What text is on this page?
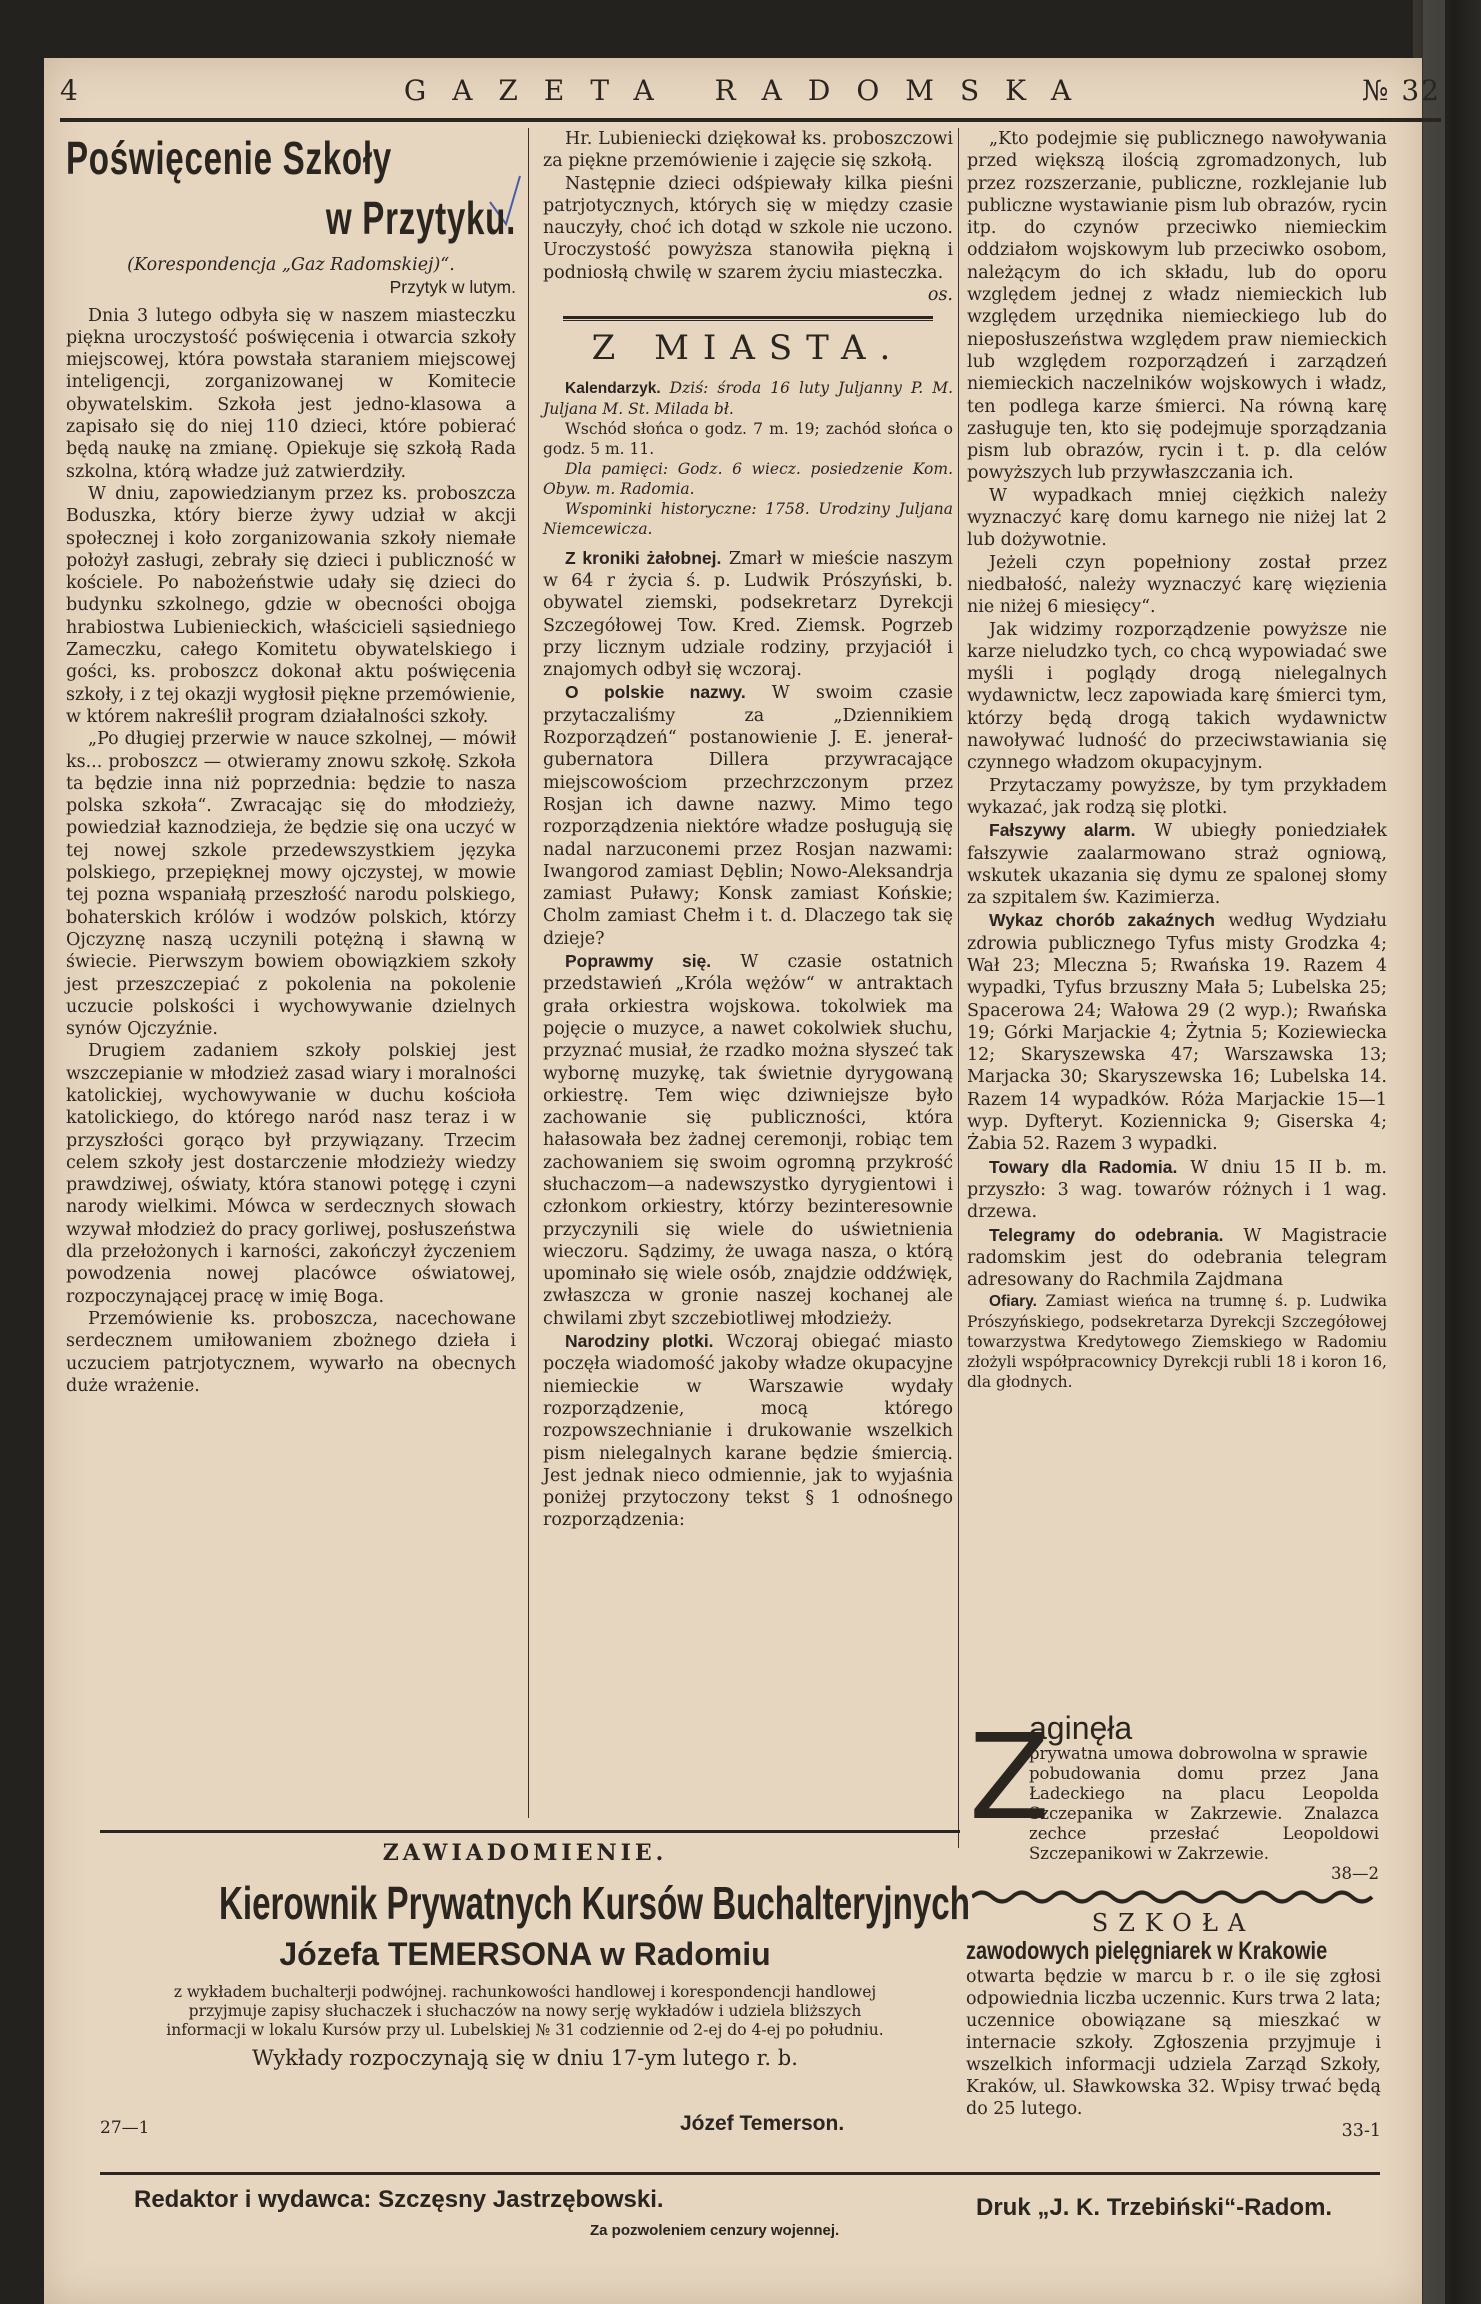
4	GAZETA RADOMSKA	№ 32
Poświęcenie Szkoły
w Przytyku.
(Korespondencja „Gaz Radomskiej)“.
Przytyk w lutym.

Dnia 3 lutego odbyła się w naszem miasteczku piękna uroczystość poświęcenia i otwarcia szkoły miejscowej, która powstała staraniem miejscowej inteligencji, zorganizowanej w Komitecie obywatelskim. Szkoła jest jedno-klasowa a zapisało się do niej 110 dzieci, które pobierać będą naukę na zmianę. Opiekuje się szkołą Rada szkolna, którą władze już zatwierdziły.

W dniu, zapowiedzianym przez ks. proboszcza Boduszka, który bierze żywy udział w akcji społecznej i koło zorganizowania szkoły niemałe położył zasługi, zebrały się dzieci i publiczność w kościele. Po nabożeństwie udały się dzieci do budynku szkolnego, gdzie w obecności obojga hrabiostwa Lubienieckich, właścicieli sąsiedniego Zameczku, całego Komitetu obywatelskiego i gości, ks. proboszcz dokonał aktu poświęcenia szkoły, i z tej okazji wygłosił piękne przemówienie, w którem nakreślił program działalności szkoły.

„Po długiej przerwie w nauce szkolnej, — mówił ks... proboszcz — otwieramy znowu szkołę. Szkoła ta będzie inna niż poprzednia: będzie to nasza polska szkoła“. Zwracając się do młodzieży, powiedział kaznodzieja, że będzie się ona uczyć w tej nowej szkole przedewszystkiem języka polskiego, przepięknej mowy ojczystej, w mowie tej pozna wspaniałą przeszłość narodu polskiego, bohaterskich królów i wodzów polskich, którzy Ojczyznę naszą uczynili potężną i sławną w świecie. Pierwszym bowiem obowiązkiem szkoły jest przeszczepiać z pokolenia na pokolenie uczucie polskości i wychowywanie dzielnych synów Ojczyźnie.

Drugiem zadaniem szkoły polskiej jest wszczepianie w młodzież zasad wiary i moralności katolickiej, wychowywanie w duchu kościoła katolickiego, do którego naród nasz teraz i w przyszłości gorąco był przywiązany. Trzecim celem szkoły jest dostarczenie młodzieży wiedzy prawdziwej, oświaty, która stanowi potęgę i czyni narody wielkimi. Mówca w serdecznych słowach wzywał młodzież do pracy gorliwej, posłuszeństwa dla przełożonych i karności, zakończył życzeniem powodzenia nowej placówce oświatowej, rozpoczynającej pracę w imię Boga.

Przemówienie ks. proboszcza, nacechowane serdecznem umiłowaniem zbożnego dzieła i uczuciem patrjotycznem, wywarło na obecnych duże wrażenie.

Hr. Lubieniecki dziękował ks. proboszczowi za piękne przemówienie i zajęcie się szkołą.

Następnie dzieci odśpiewały kilka pieśni patrjotycznych, których się w między czasie nauczyły, choć ich dotąd w szkole nie uczono. Uroczystość powyższa stanowiła piękną i podniosłą chwilę w szarem życiu miasteczka.

os.
Z MIASTA.

Kalendarzyk. Dziś: środa 16 luty Juljanny P. M. Juljana M. St. Milada bł.

Wschód słońca o godz. 7 m. 19; zachód słońca o godz. 5 m. 11.

Dla pamięci: Godz. 6 wiecz. posiedzenie Kom. Obyw. m. Radomia.

Wspominki historyczne: 1758. Urodziny Juljana Niemcewicza.

Z kroniki żałobnej. Zmarł w mieście naszym w 64 r życia ś. p. Ludwik Prószyński, b. obywatel ziemski, podsekretarz Dyrekcji Szczegółowej Tow. Kred. Ziemsk. Pogrzeb przy licznym udziale rodziny, przyjaciół i znajomych odbył się wczoraj.

O polskie nazwy. W swoim czasie przytaczaliśmy za „Dziennikiem Rozporządzeń“ postanowienie J. E. jenerał-gubernatora Dillera przywracające miejscowościom przechrzczonym przez Rosjan ich dawne nazwy. Mimo tego rozporządzenia niektóre władze posługują się nadal narzuconemi przez Rosjan nazwami: Iwangorod zamiast Dęblin; Nowo-Aleksandrja zamiast Puławy; Konsk zamiast Końskie; Cholm zamiast Chełm i t. d. Dlaczego tak się dzieje?

Poprawmy się. W czasie ostatnich przedstawień „Króla wężów“ w antraktach grała orkiestra wojskowa. tokolwiek ma pojęcie o muzyce, a nawet cokolwiek słuchu, przyznać musiał, że rzadko można słyszeć tak wybornę muzykę, tak świetnie dyrygowaną orkiestrę. Tem więc dziwniejsze było zachowanie się publiczności, która hałasowała bez żadnej ceremonji, robiąc tem zachowaniem się swoim ogromną przykrość słuchaczom—a nadewszystko dyrygientowi i członkom orkiestry, którzy bezinteresownie przyczynili się wiele do uświetnienia wieczoru. Sądzimy, że uwaga nasza, o którą upominało się wiele osób, znajdzie oddźwięk, zwłaszcza w gronie naszej kochanej ale chwilami zbyt szczebiotliwej młodzieży.

Narodziny plotki. Wczoraj obiegać miasto poczęła wiadomość jakoby władze okupacyjne niemieckie w Warszawie wydały rozporządzenie, mocą którego rozpowszechnianie i drukowanie wszelkich pism nielegalnych karane będzie śmiercią. Jest jednak nieco odmiennie, jak to wyjaśnia poniżej przytoczony tekst § 1 odnośnego rozporządzenia:

„Kto podejmie się publicznego nawoływania przed większą ilością zgromadzonych, lub przez rozszerzanie, publiczne, rozklejanie lub publiczne wystawianie pism lub obrazów, rycin itp. do czynów przeciwko niemieckim oddziałom wojskowym lub przeciwko osobom, należącym do ich składu, lub do oporu względem jednej z władz niemieckich lub względem urzędnika niemieckiego lub do nieposłuszeństwa względem praw niemieckich lub względem rozporządzeń i zarządzeń niemieckich naczelników wojskowych i władz, ten podlega karze śmierci. Na równą karę zasługuje ten, kto się podejmuje sporządzania pism lub obrazów, rycin i t. p. dla celów powyższych lub przywłaszczania ich.

W wypadkach mniej ciężkich należy wyznaczyć karę domu karnego nie niżej lat 2 lub dożywotnie.

Jeżeli czyn popełniony został przez niedbałość, należy wyznaczyć karę więzienia nie niżej 6 miesięcy“.

Jak widzimy rozporządzenie powyższe nie karze nieludzko tych, co chcą wypowiadać swe myśli i poglądy drogą nielegalnych wydawnictw, lecz zapowiada karę śmierci tym, którzy będą drogą takich wydawnictw nawoływać ludność do przeciwstawiania się czynnego władzom okupacyjnym.

Przytaczamy powyższe, by tym przykładem wykazać, jak rodzą się plotki.

Fałszywy alarm. W ubiegły poniedziałek fałszywie zaalarmowano straż ogniową, wskutek ukazania się dymu ze spalonej słomy za szpitalem św. Kazimierza.

Wykaz chorób zakaźnych według Wydziału zdrowia publicznego Tyfus misty Grodzka 4; Wał 23; Mleczna 5; Rwańska 19. Razem 4 wypadki, Tyfus brzuszny Mała 5; Lubelska 25; Spacerowa 24; Wałowa 29 (2 wyp.); Rwańska 19; Górki Marjackie 4; Żytnia 5; Koziewiecka 12; Skaryszewska 47; Warszawska 13; Marjacka 30; Skaryszewska 16; Lubelska 14. Razem 14 wypadków. Róża Marjackie 15—1 wyp. Dyfteryt. Koziennicka 9; Giserska 4; Żabia 52. Razem 3 wypadki.

Towary dla Radomia. W dniu 15 II b. m. przyszło: 3 wag. towarów różnych i 1 wag. drzewa.

Telegramy do odebrania. W Magistracie radomskim jest do odebrania telegram adresowany do Rachmila Zajdmana

Ofiary. Zamiast wieńca na trumnę ś. p. Ludwika Prószyńskiego, podsekretarza Dyrekcji Szczegółowej towarzystwa Kredytowego Ziemskiego w Radomiu złożyli współpracownicy Dyrekcji rubli 18 i koron 16, dla głodnych.

Z
aginęła
prywatna umowa dobrowolna w sprawie
pobudowania domu przez Jana Ładeckiego na placu Leopolda Szczepanika w Zakrzewie. Znalazca zechce przesłać Leopoldowi Szczepanikowi w Zakrzewie.
38—2
SZKOŁA
zawodowych pielęgniarek w Krakowie
otwarta będzie w marcu b r. o ile się zgłosi odpowiednia liczba uczennic. Kurs trwa 2 lata; uczennice obowiązane są mieszkać w internacie szkoły. Zgłoszenia przyjmuje i wszelkich informacji udziela Zarząd Szkoły, Kraków, ul. Sławkowska 32. Wpisy trwać będą do 25 lutego.
33-1
ZAWIADOMIENIE.
Kierownik Prywatnych Kursów Buchalteryjnych
Józefa TEMERSONA w Radomiu
z wykładem buchalterji podwójnej. rachunkowości handlowej i korespondencji handlowej przyjmuje zapisy słuchaczek i słuchaczów na nowy serję wykładów i udziela bliższych informacji w lokalu Kursów przy ul. Lubelskiej № 31 codziennie od 2-ej do 4-ej po południu.
Wykłady rozpoczynają się w dniu 17-ym lutego r. b.
27—1	Józef Temerson.
Redaktor i wydawca: Szczęsny Jastrzębowski.	Druk „J. K. Trzebiński“-Radom.
Za pozwoleniem cenzury wojennej.
